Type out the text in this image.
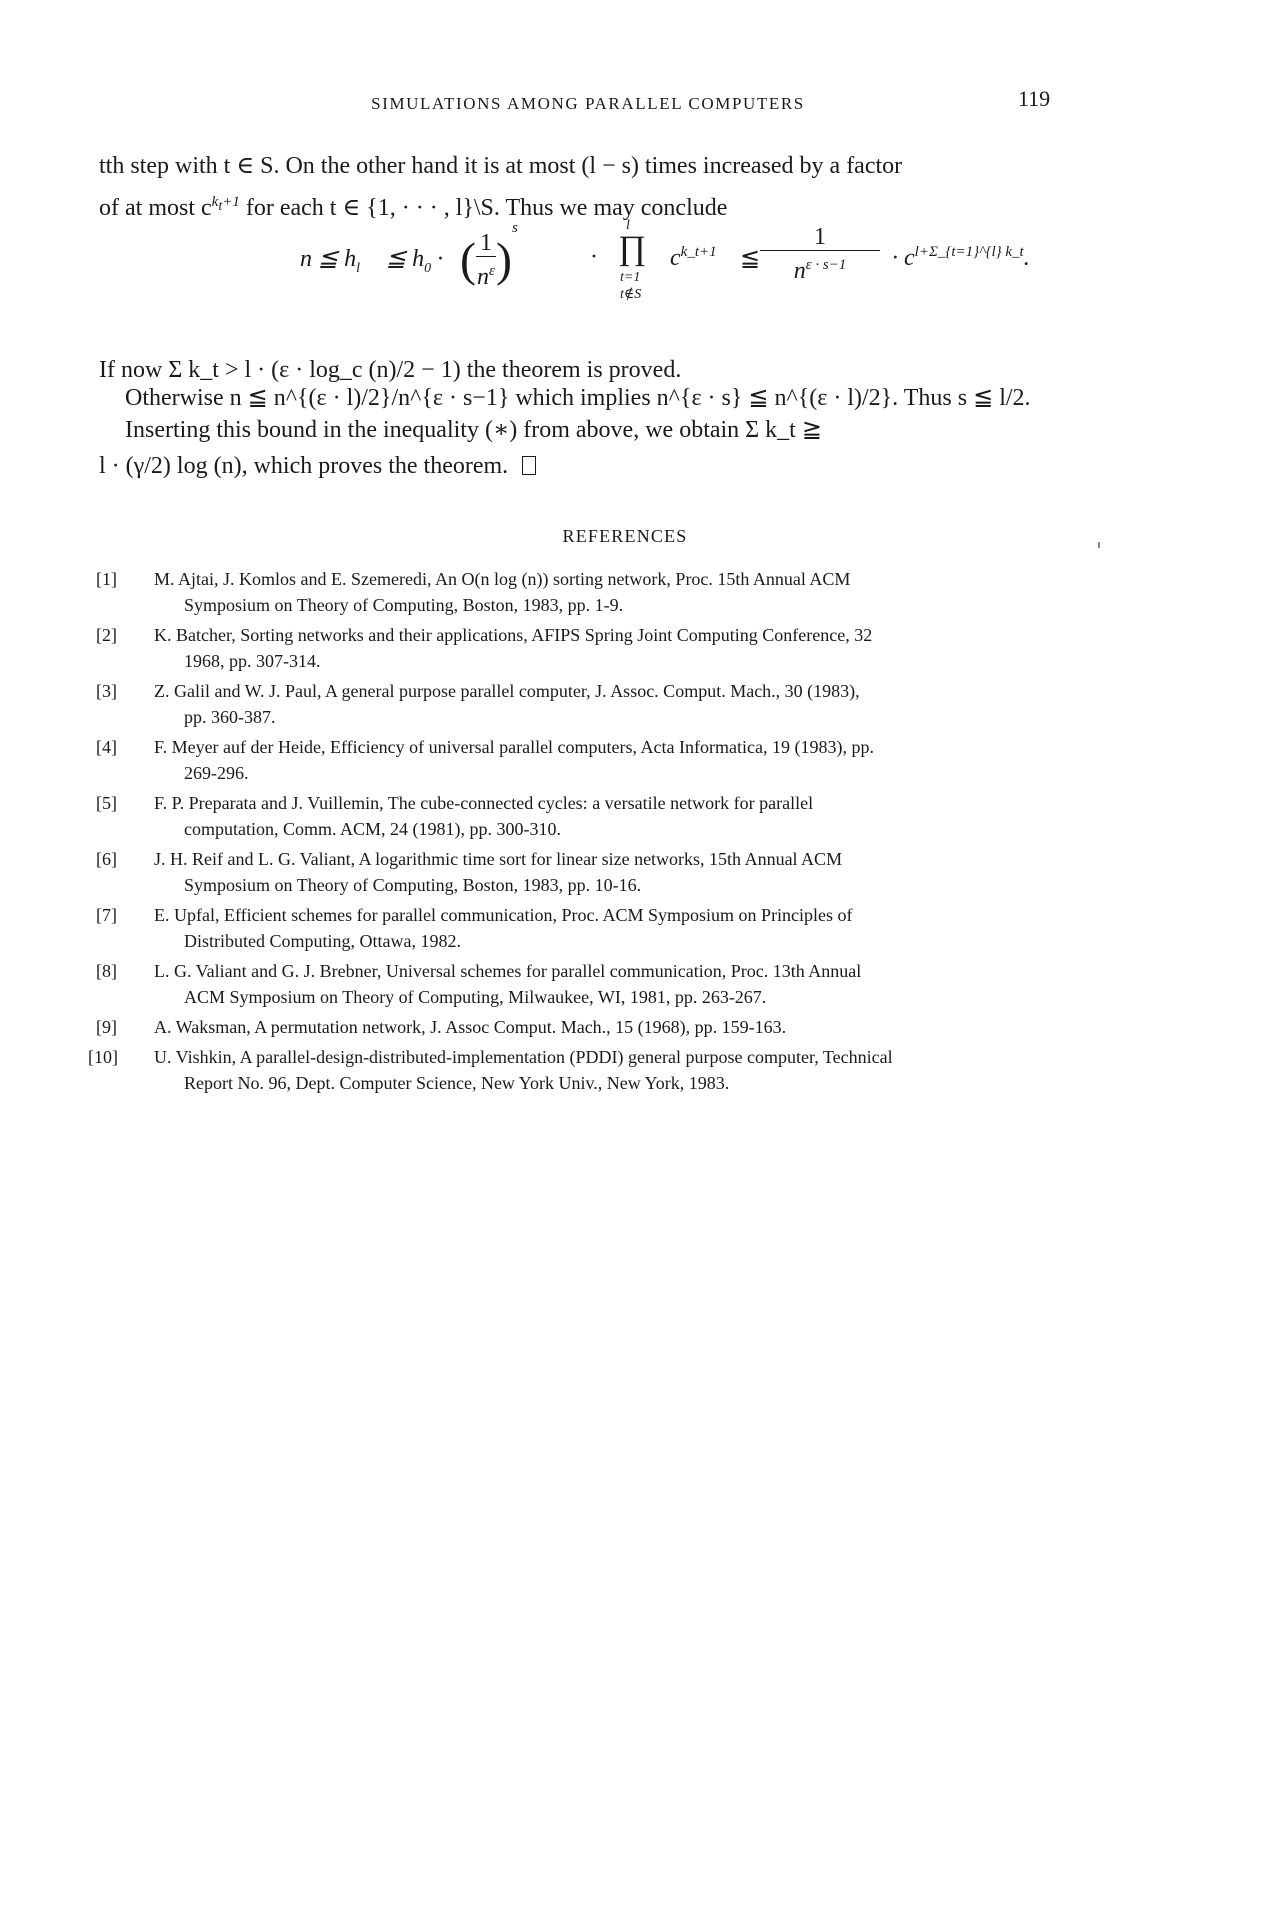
SIMULATIONS AMONG PARALLEL COMPUTERS	119
tth step with t ∈ S. On the other hand it is at most (l − s) times increased by a factor
of at most $c^{kt+1}$ for each t ∈ {1, · · · , l}\S. Thus we may conclude
n ≦ $h_l$ ≦ $h_0$ · ( $\frac{1}{n^\varepsilon} )^s$
·
l
∏
t=1
t∉S
$c^{k\_t+1}$ ≦ $\frac{1}{n^{\varepsilon \cdot s-1}} \cdot c^{l+\Sigma\_\{t=1\}\^{}\{l\} k\_t}$.
If now Σ k_t > l · (ε · log_c (n)/2 − 1) the theorem is proved.
Otherwise n ≦ n^{(ε · l)/2}/n^{ε · s−1} which implies n^{ε · s} ≦ n^{(ε · l)/2}. Thus s ≦ l/2.
Inserting this bound in the inequality (∗) from above, we obtain Σ k_t ≧
l · (γ/2) log (n), which proves the theorem.
REFERENCES
[1]	M. Ajtai, J. Komlos and E. Szemeredi, An O(n log (n)) sorting network, Proc. 15th Annual ACM
Symposium on Theory of Computing, Boston, 1983, pp. 1-9.
[2]	K. Batcher, Sorting networks and their applications, AFIPS Spring Joint Computing Conference, 32
1968, pp. 307-314.
[3]	Z. Galil and W. J. Paul, A general purpose parallel computer, J. Assoc. Comput. Mach., 30 (1983),
pp. 360-387.
[4]	F. Meyer auf der Heide, Efficiency of universal parallel computers, Acta Informatica, 19 (1983), pp.
269-296.
[5]	F. P. Preparata and J. Vuillemin, The cube-connected cycles: a versatile network for parallel
computation, Comm. ACM, 24 (1981), pp. 300-310.
[6]	J. H. Reif and L. G. Valiant, A logarithmic time sort for linear size networks, 15th Annual ACM
Symposium on Theory of Computing, Boston, 1983, pp. 10-16.
[7]	E. Upfal, Efficient schemes for parallel communication, Proc. ACM Symposium on Principles of
Distributed Computing, Ottawa, 1982.
[8]	L. G. Valiant and G. J. Brebner, Universal schemes for parallel communication, Proc. 13th Annual
ACM Symposium on Theory of Computing, Milwaukee, WI, 1981, pp. 263-267.
[9]	A. Waksman, A permutation network, J. Assoc Comput. Mach., 15 (1968), pp. 159-163.
[10]	U. Vishkin, A parallel-design-distributed-implementation (PDDI) general purpose computer, Technical
Report No. 96, Dept. Computer Science, New York Univ., New York, 1983.
